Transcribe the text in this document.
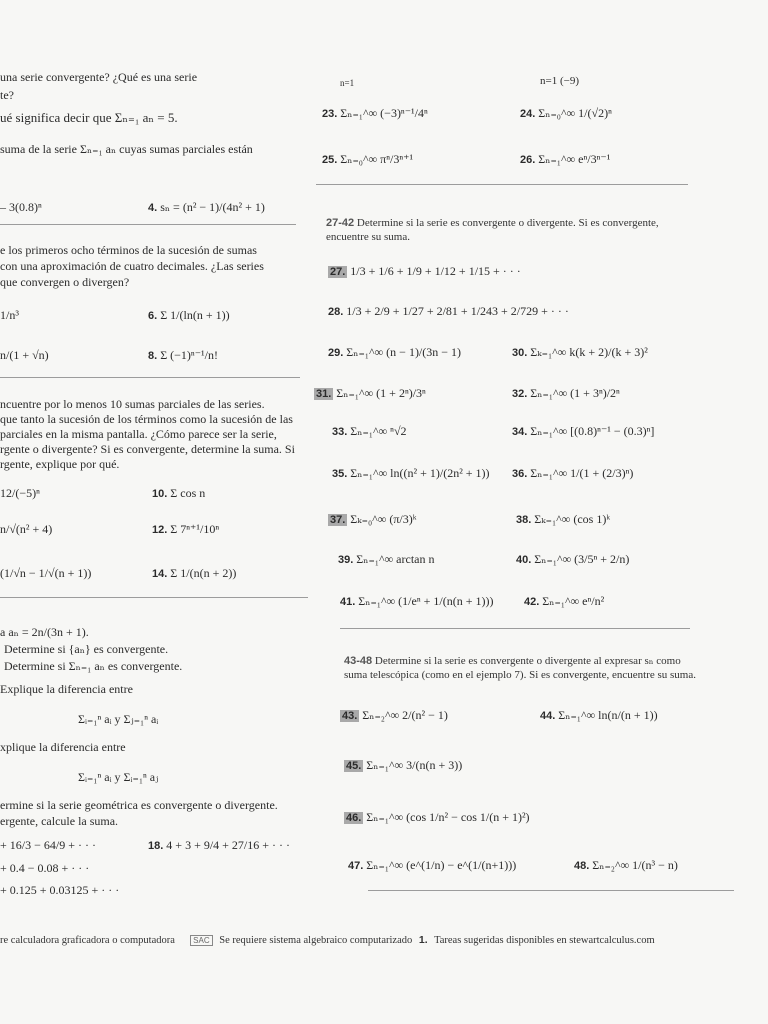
una serie convergente? ¿Qué es una serie
te?
ué significa decir que Σₙ₌₁ aₙ = 5.
suma de la serie Σₙ₌₁ aₙ cuyas sumas parciales están
– 3(0.8)ⁿ	4. sₙ = (n² − 1)/(4n² + 1)
e los primeros ocho términos de la sucesión de sumas
con una aproximación de cuatro decimales. ¿Las series
que convergen o divergen?
1/n³	6. Σ 1/(ln(n + 1))
n/(1 + √n)	8. Σ (−1)ⁿ⁻¹/n!
ncuentre por lo menos 10 sumas parciales de las series.
que tanto la sucesión de los términos como la sucesión de las
parciales en la misma pantalla. ¿Cómo parece ser la serie,
rgente o divergente? Si es convergente, determine la suma. Si
rgente, explique por qué.
12/(−5)ⁿ	10. Σ cos n
n/√(n² + 4)	12. Σ 7ⁿ⁺¹/10ⁿ
(1/√n − 1/√(n + 1))	14. Σ 1/(n(n + 2))
a aₙ = 2n/(3n + 1).
Determine si {aₙ} es convergente.
Determine si Σₙ₌₁ aₙ es convergente.
Explique la diferencia entre
Σᵢ₌₁ⁿ aᵢ y Σⱼ₌₁ⁿ aᵢ
xplique la diferencia entre
Σᵢ₌₁ⁿ aᵢ y Σᵢ₌₁ⁿ aⱼ
ermine si la serie geométrica es convergente o divergente.
ergente, calcule la suma.
+ 16/3 − 64/9 + · · ·	18. 4 + 3 + 9/4 + 27/16 + · · ·
+ 0.4 − 0.08 + · · ·
+ 0.125 + 0.03125 + · · ·
n=1	n=1 (−9)
23. Σₙ₌₁^∞ (−3)ⁿ⁻¹/4ⁿ	24. Σₙ₌₀^∞ 1/(√2)ⁿ
25. Σₙ₌₀^∞ πⁿ/3ⁿ⁺¹	26. Σₙ₌₁^∞ eⁿ/3ⁿ⁻¹
27-42 Determine si la serie es convergente o divergente. Si es convergente, encuentre su suma.
27. 1/3 + 1/6 + 1/9 + 1/12 + 1/15 + · · ·
28. 1/3 + 2/9 + 1/27 + 2/81 + 1/243 + 2/729 + · · ·
29. Σₙ₌₁^∞ (n − 1)/(3n − 1)	30. Σₖ₌₁^∞ k(k + 2)/(k + 3)²
31. Σₙ₌₁^∞ (1 + 2ⁿ)/3ⁿ	32. Σₙ₌₁^∞ (1 + 3ⁿ)/2ⁿ
33. Σₙ₌₁^∞ ⁿ√2	34. Σₙ₌₁^∞ [(0.8)ⁿ⁻¹ − (0.3)ⁿ]
35. Σₙ₌₁^∞ ln((n² + 1)/(2n² + 1)) 36. Σₙ₌₁^∞ 1/(1 + (2/3)ⁿ)
37. Σₖ₌₀^∞ (π/3)ᵏ	38. Σₖ₌₁^∞ (cos 1)ᵏ
39. Σₙ₌₁^∞ arctan n	40. Σₙ₌₁^∞ (3/5ⁿ + 2/n)
41. Σₙ₌₁^∞ (1/eⁿ + 1/(n(n + 1)))	42. Σₙ₌₁^∞ eⁿ/n²
43-48 Determine si la serie es convergente o divergente al expresar sₙ como suma telescópica (como en el ejemplo 7). Si es convergente, encuentre su suma.
43. Σₙ₌₂^∞ 2/(n² − 1)	44. Σₙ₌₁^∞ ln(n/(n + 1))
45. Σₙ₌₁^∞ 3/(n(n + 3))
46. Σₙ₌₁^∞ (cos 1/n² − cos 1/(n + 1)²)
47. Σₙ₌₁^∞ (e^(1/n) − e^(1/(n+1)))	48. Σₙ₌₂^∞ 1/(n³ − n)
re calculadora graficadora o computadora SAC Se requiere sistema algebraico computarizado 1. Tareas sugeridas disponibles en stewartcalculus.com
